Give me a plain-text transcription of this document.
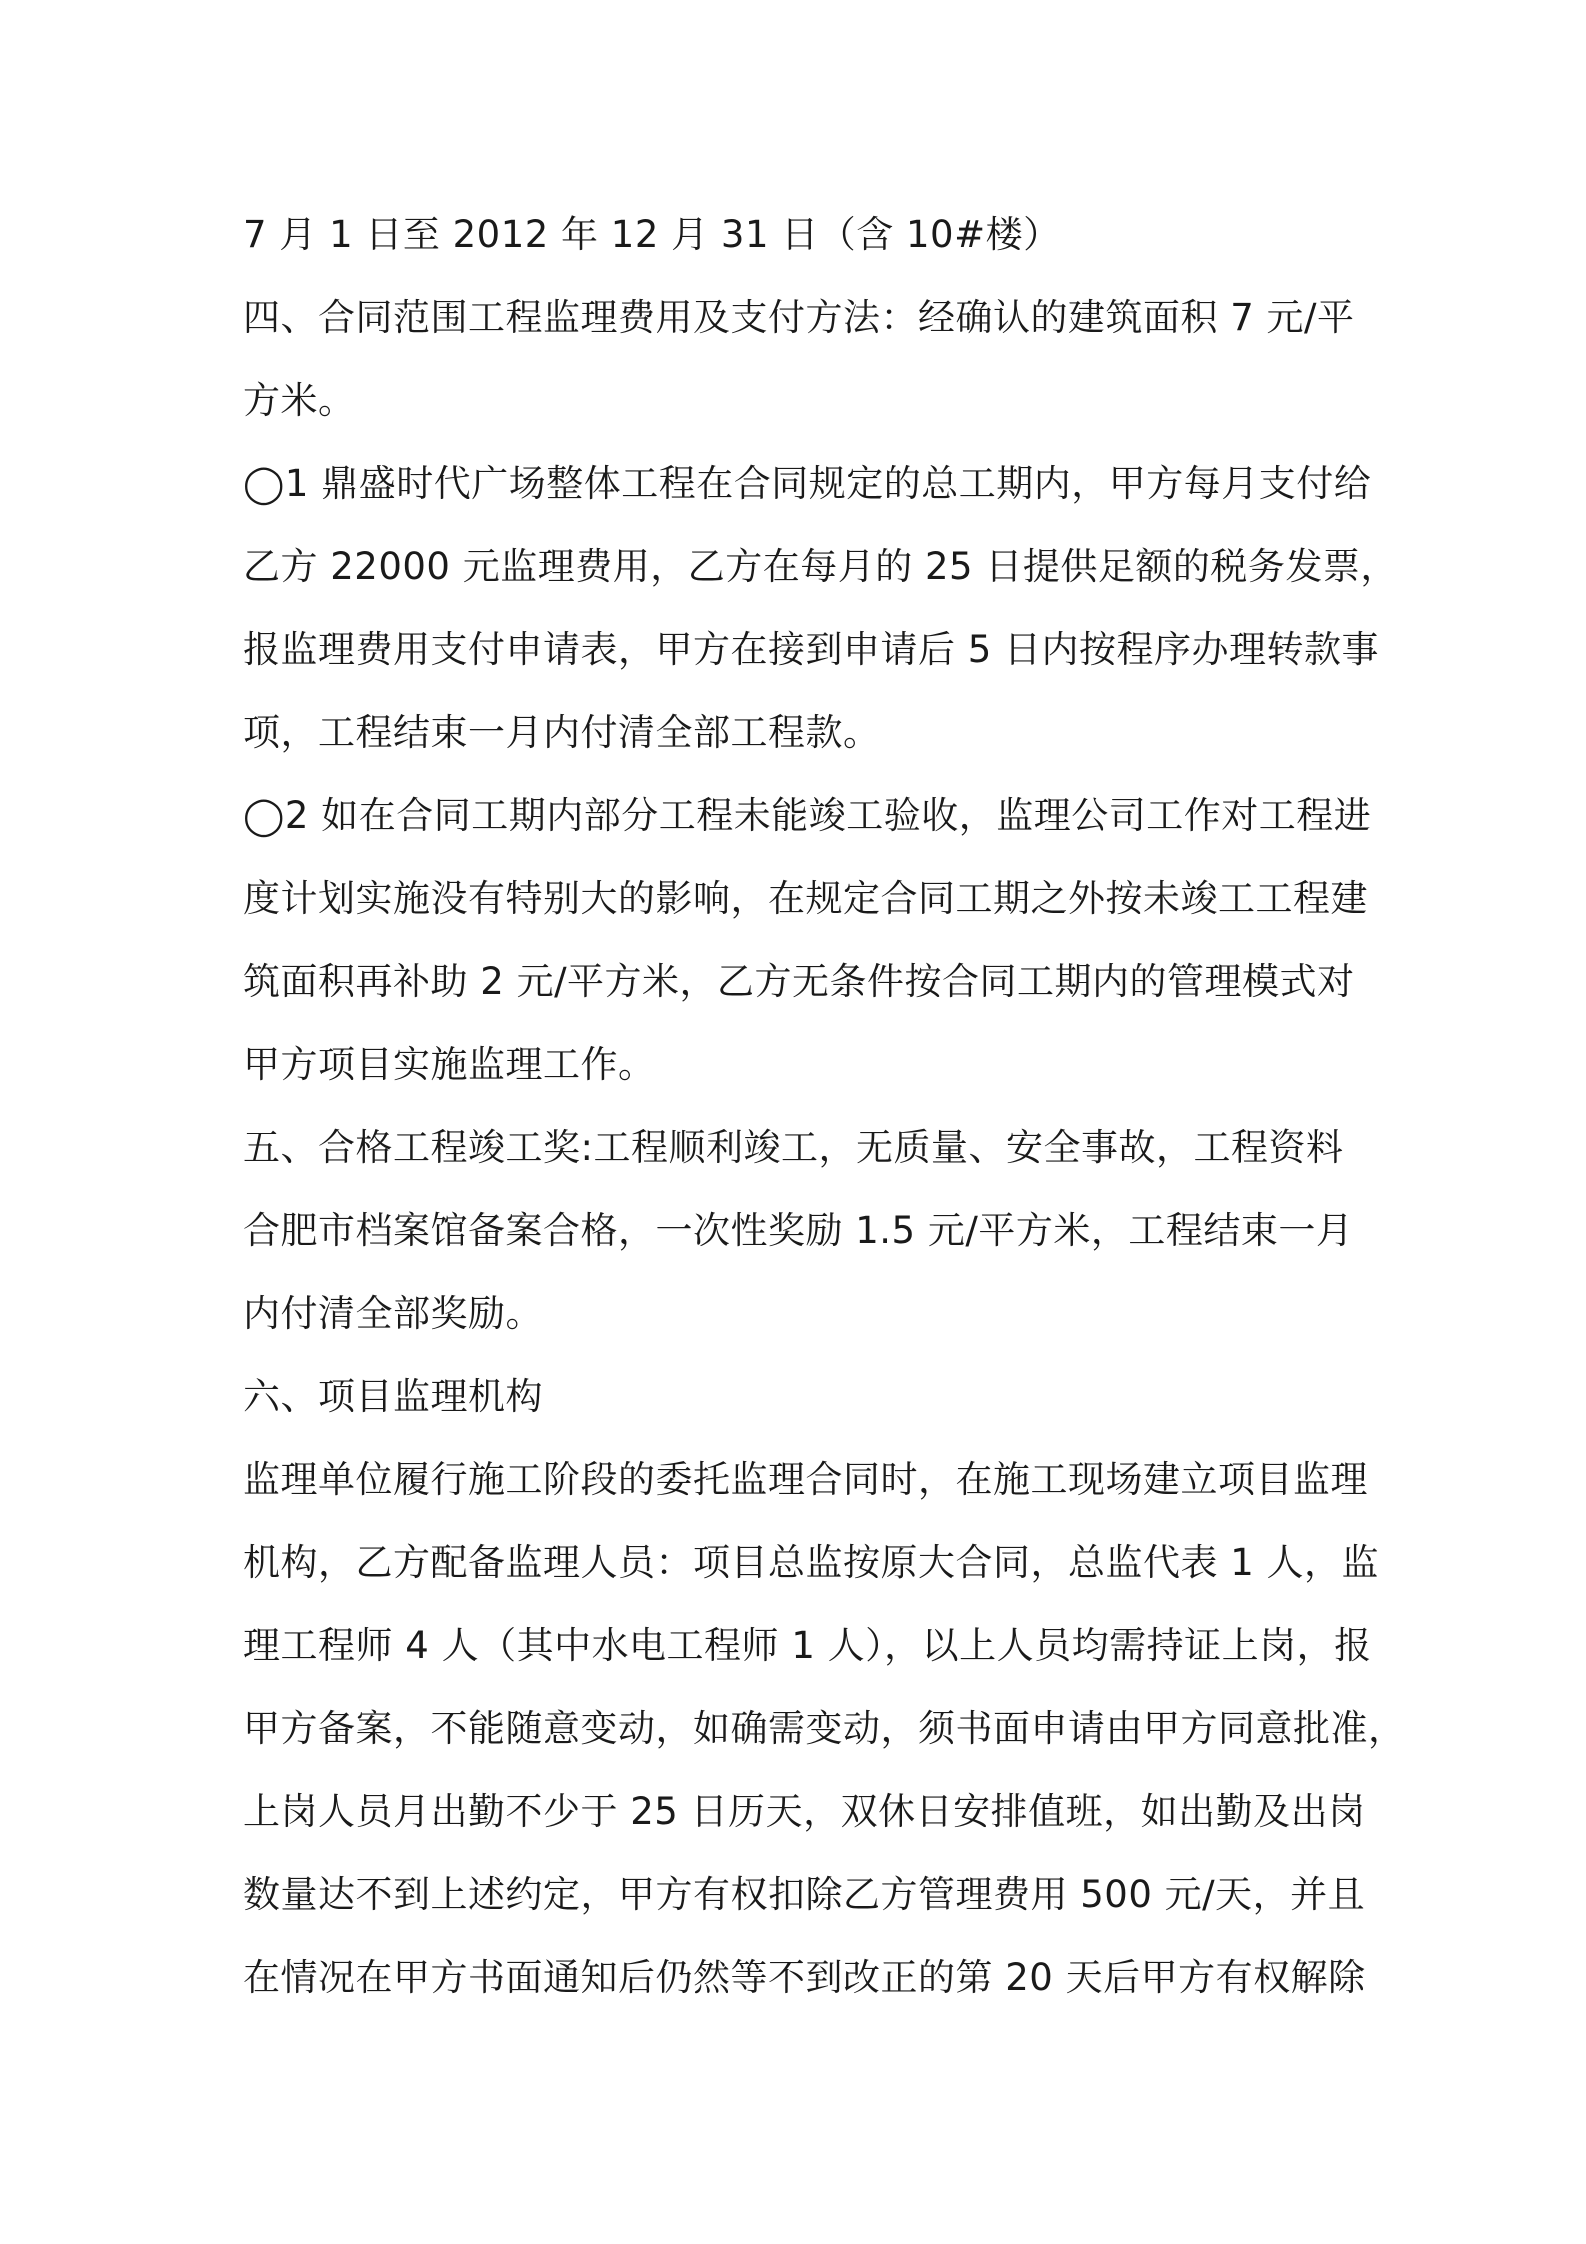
7 月 1 日至 2012 年 12 月 31 日（含 10#楼）
四、合同范围工程监理费用及支付方法：经确认的建筑面积 7 元/平
方米。
◯1 鼎盛时代广场整体工程在合同规定的总工期内，甲方每月支付给
乙方 22000 元监理费用，乙方在每月的 25 日提供足额的税务发票，
报监理费用支付申请表，甲方在接到申请后 5 日内按程序办理转款事
项，工程结束一月内付清全部工程款。
◯2 如在合同工期内部分工程未能竣工验收，监理公司工作对工程进
度计划实施没有特别大的影响，在规定合同工期之外按未竣工工程建
筑面积再补助 2 元/平方米，乙方无条件按合同工期内的管理模式对
甲方项目实施监理工作。
五、合格工程竣工奖:工程顺利竣工，无质量、安全事故，工程资料
合肥市档案馆备案合格，一次性奖励 1.5 元/平方米，工程结束一月
内付清全部奖励。
六、项目监理机构
监理单位履行施工阶段的委托监理合同时，在施工现场建立项目监理
机构，乙方配备监理人员：项目总监按原大合同，总监代表 1 人，监
理工程师 4 人（其中水电工程师 1 人），以上人员均需持证上岗，报
甲方备案，不能随意变动，如确需变动，须书面申请由甲方同意批准，
上岗人员月出勤不少于 25 日历天，双休日安排值班，如出勤及出岗
数量达不到上述约定，甲方有权扣除乙方管理费用 500 元/天，并且
在情况在甲方书面通知后仍然等不到改正的第 20 天后甲方有权解除
